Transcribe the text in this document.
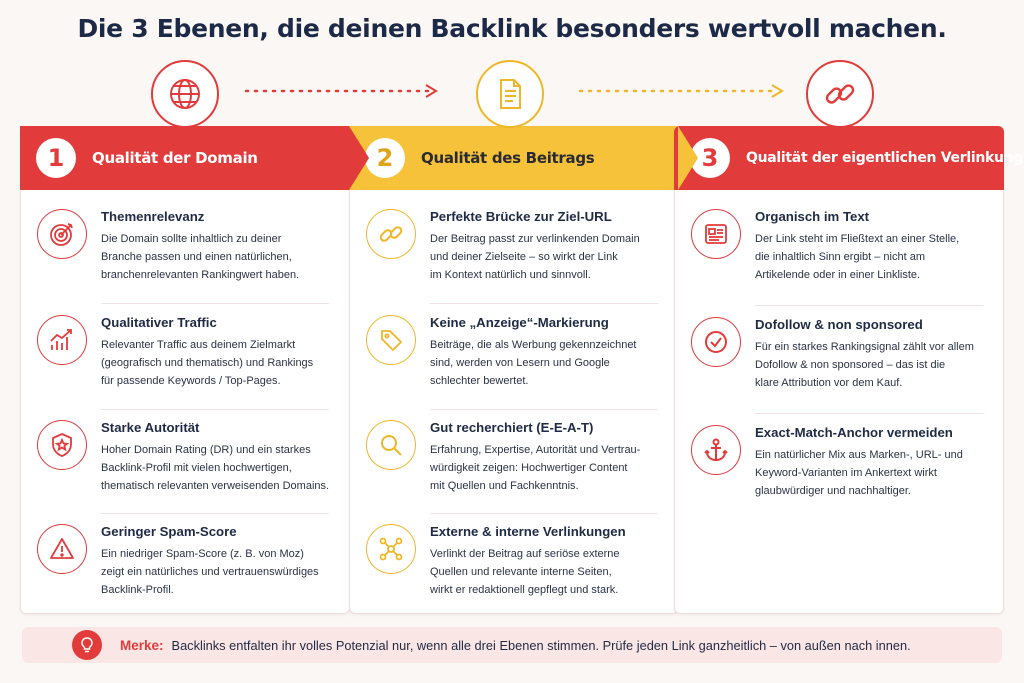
Die 3 Ebenen, die deinen Backlink besonders wertvoll machen.
1	Qualität der Domain
Themenrelevanz
Die Domain sollte inhaltlich zu deiner
Branche passen und einen natürlichen,
branchenrelevanten Rankingwert haben.
Qualitativer Traffic
Relevanter Traffic aus deinem Zielmarkt
(geografisch und thematisch) und Rankings
für passende Keywords / Top-Pages.
Starke Autorität
Hoher Domain Rating (DR) und ein starkes
Backlink-Profil mit vielen hochwertigen,
thematisch relevanten verweisenden Domains.
Geringer Spam-Score
Ein niedriger Spam-Score (z. B. von Moz)
zeigt ein natürliches und vertrauenswürdiges
Backlink-Profil.
2	Qualität des Beitrags
Perfekte Brücke zur Ziel-URL
Der Beitrag passt zur verlinkenden Domain
und deiner Zielseite – so wirkt der Link
im Kontext natürlich und sinnvoll.
Keine „Anzeige“-Markierung
Beiträge, die als Werbung gekennzeichnet
sind, werden von Lesern und Google
schlechter bewertet.
Gut recherchiert (E-E-A-T)
Erfahrung, Expertise, Autorität und Vertrau-
würdigkeit zeigen: Hochwertiger Content
mit Quellen und Fachkenntnis.
Externe & interne Verlinkungen
Verlinkt der Beitrag auf seriöse externe
Quellen und relevante interne Seiten,
wirkt er redaktionell gepflegt und stark.
3	Qualität der eigentlichen Verlinkung
Organisch im Text
Der Link steht im Fließtext an einer Stelle,
die inhaltlich Sinn ergibt – nicht am
Artikelende oder in einer Linkliste.
Dofollow & non sponsored
Für ein starkes Rankingsignal zählt vor allem
Dofollow & non sponsored – das ist die
klare Attribution vor dem Kauf.
Exact-Match-Anchor vermeiden
Ein natürlicher Mix aus Marken-, URL- und
Keyword-Varianten im Ankertext wirkt
glaubwürdiger und nachhaltiger.
Merke: Backlinks entfalten ihr volles Potenzial nur, wenn alle drei Ebenen stimmen. Prüfe jeden Link ganzheitlich – von außen nach innen.
